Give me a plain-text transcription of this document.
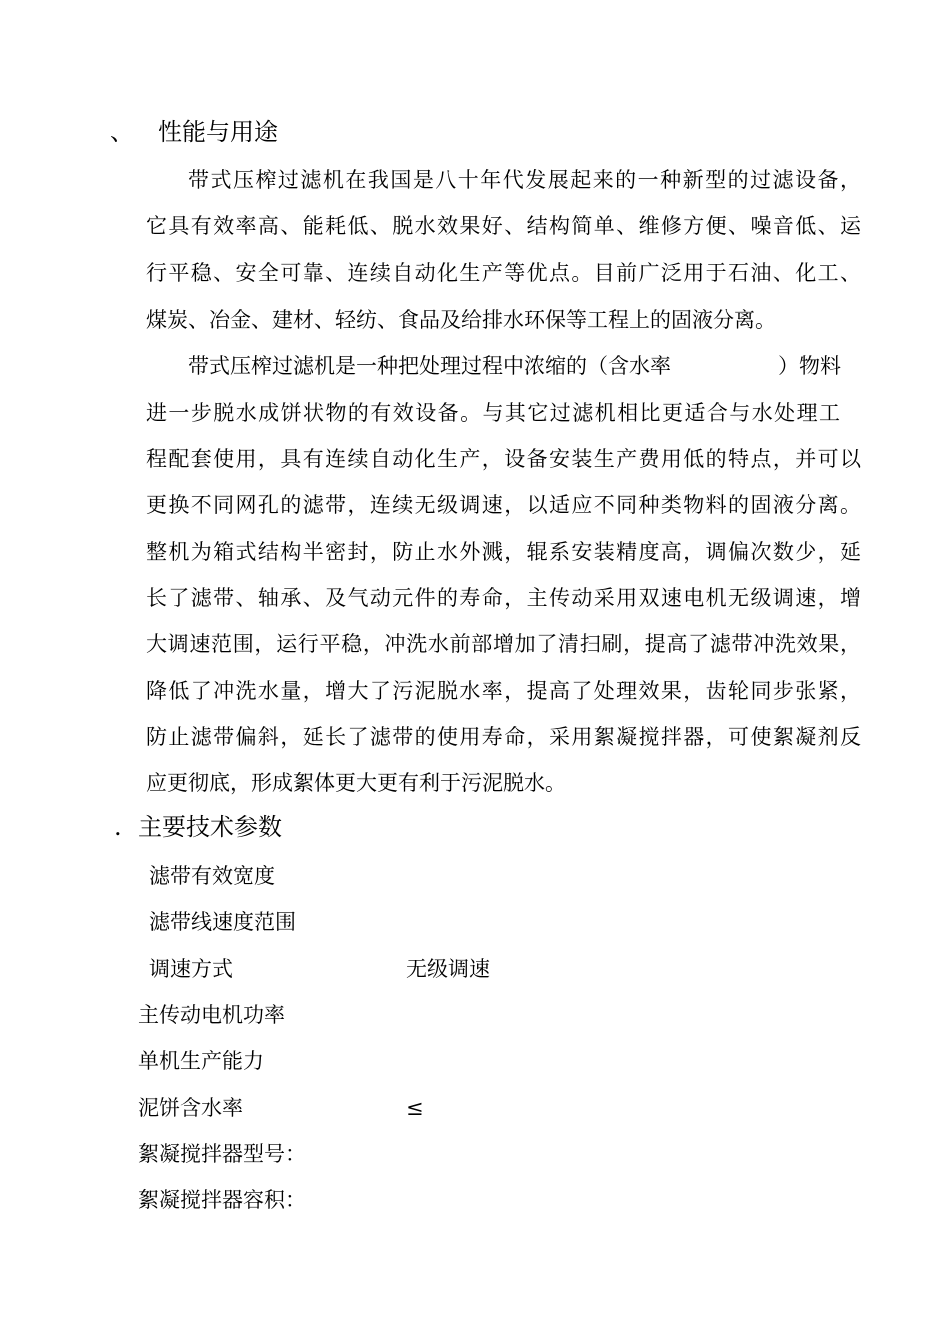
、 性能与用途
带式压榨过滤机在我国是八十年代发展起来的一种新型的过滤设备，
它具有效率高、能耗低、脱水效果好、结构简单、维修方便、噪音低、运
行平稳、安全可靠、连续自动化生产等优点。目前广泛用于石油、化工、
煤炭、冶金、建材、轻纺、食品及给排水环保等工程上的固液分离。
带式压榨过滤机是一种把处理过程中浓缩的（含水率	）物料
进一步脱水成饼状物的有效设备。与其它过滤机相比更适合与水处理工
程配套使用，具有连续自动化生产，设备安装生产费用低的特点，并可以
更换不同网孔的滤带，连续无级调速，以适应不同种类物料的固液分离。
整机为箱式结构半密封，防止水外溅，辊系安装精度高，调偏次数少，延
长了滤带、轴承、及气动元件的寿命，主传动采用双速电机无级调速，增
大调速范围，运行平稳，冲洗水前部增加了清扫刷，提高了滤带冲洗效果，
降低了冲洗水量，增大了污泥脱水率，提高了处理效果，齿轮同步张紧，
防止滤带偏斜，延长了滤带的使用寿命，采用絮凝搅拌器，可使絮凝剂反
应更彻底，形成絮体更大更有利于污泥脱水。
. 主要技术参数
滤带有效宽度
滤带线速度范围
调速方式	无级调速
主传动电机功率
单机生产能力
泥饼含水率	≤
絮凝搅拌器型号：
絮凝搅拌器容积：
